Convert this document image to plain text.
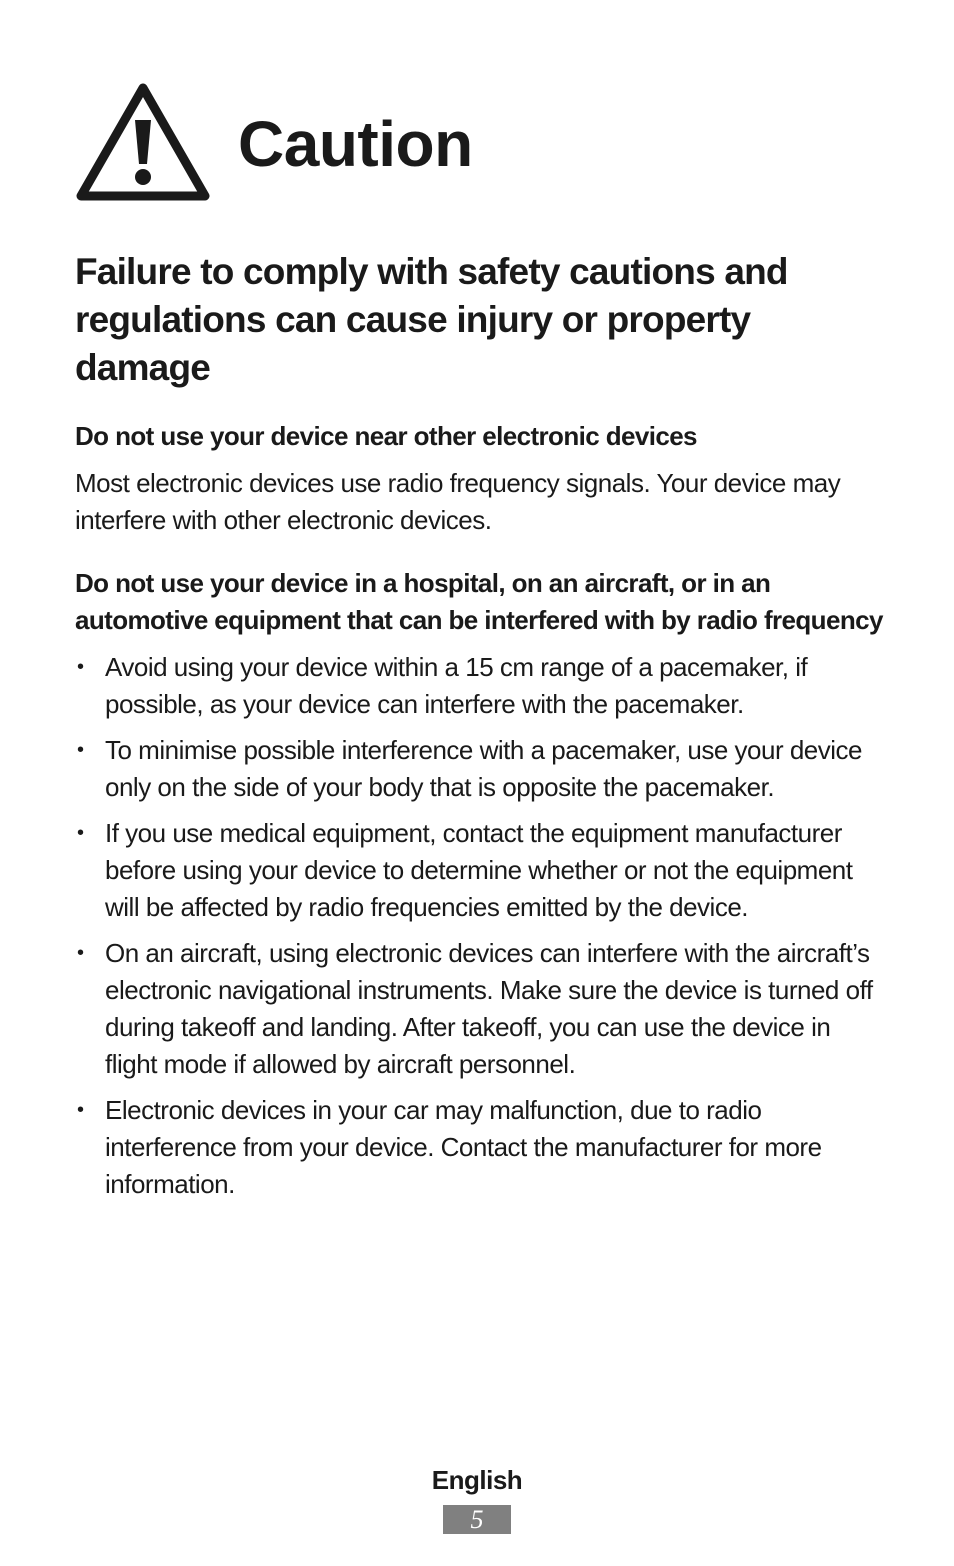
Caution
Failure to comply with safety cautions and regulations can cause injury or property damage
Do not use your device near other electronic devices

Most electronic devices use radio frequency signals. Your device may interfere with other electronic devices.

Do not use your device in a hospital, on an aircraft, or in an automotive equipment that can be interfered with by radio frequency
• Avoid using your device within a 15 cm range of a pacemaker, if possible, as your device can interfere with the pacemaker.
• To minimise possible interference with a pacemaker, use your device only on the side of your body that is opposite the pacemaker.
• If you use medical equipment, contact the equipment manufacturer before using your device to determine whether or not the equipment will be affected by radio frequencies emitted by the device.
• On an aircraft, using electronic devices can interfere with the aircraft’s electronic navigational instruments. Make sure the device is turned off during takeoff and landing. After takeoff, you can use the device in flight mode if allowed by aircraft personnel.
• Electronic devices in your car may malfunction, due to radio interference from your device. Contact the manufacturer for more information.
English
5
